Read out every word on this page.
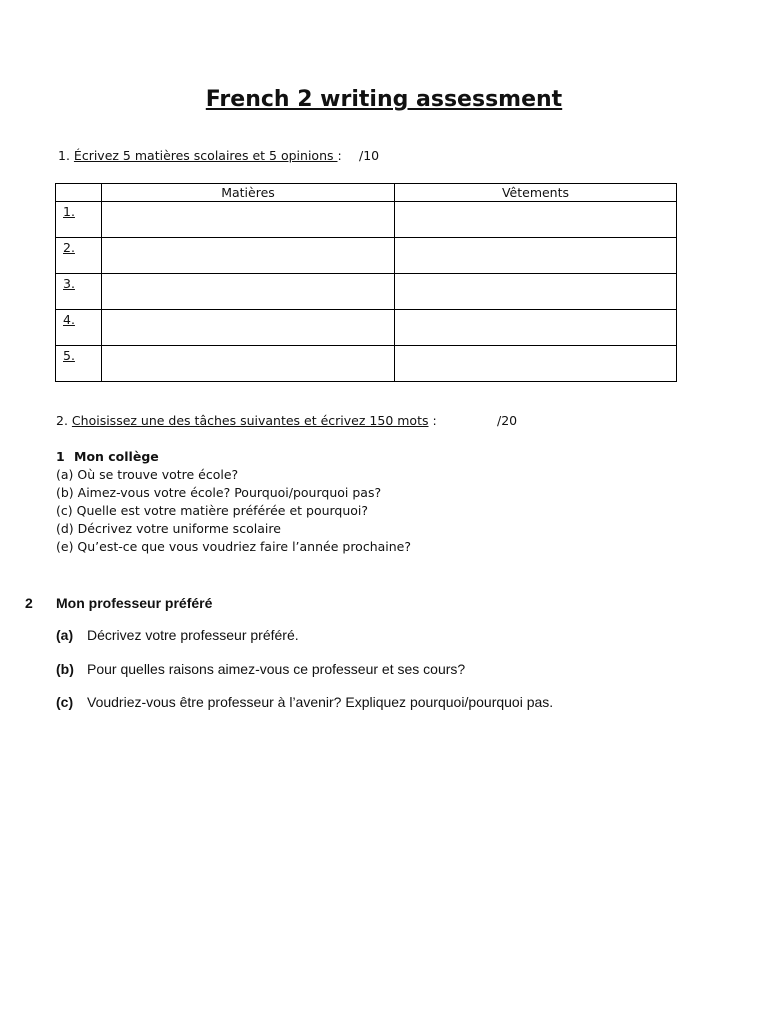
French 2 writing assessment
1. Écrivez 5 matières scolaires et 5 opinions : /10
	Matières	Vêtements
1.		
2.		
3.		
4.		
5.		
2. Choisissez une des tâches suivantes et écrivez 150 mots :	/20
1 Mon collège
(a) Où se trouve votre école?
(b) Aimez-vous votre école? Pourquoi/pourquoi pas?
(c) Quelle est votre matière préférée et pourquoi?
(d) Décrivez votre uniforme scolaire
(e) Qu’est-ce que vous voudriez faire l’année prochaine?
2 Mon professeur préféré
(a) Décrivez votre professeur préféré.
(b) Pour quelles raisons aimez-vous ce professeur et ses cours?
(c) Voudriez-vous être professeur à l’avenir? Expliquez pourquoi/pourquoi pas.
